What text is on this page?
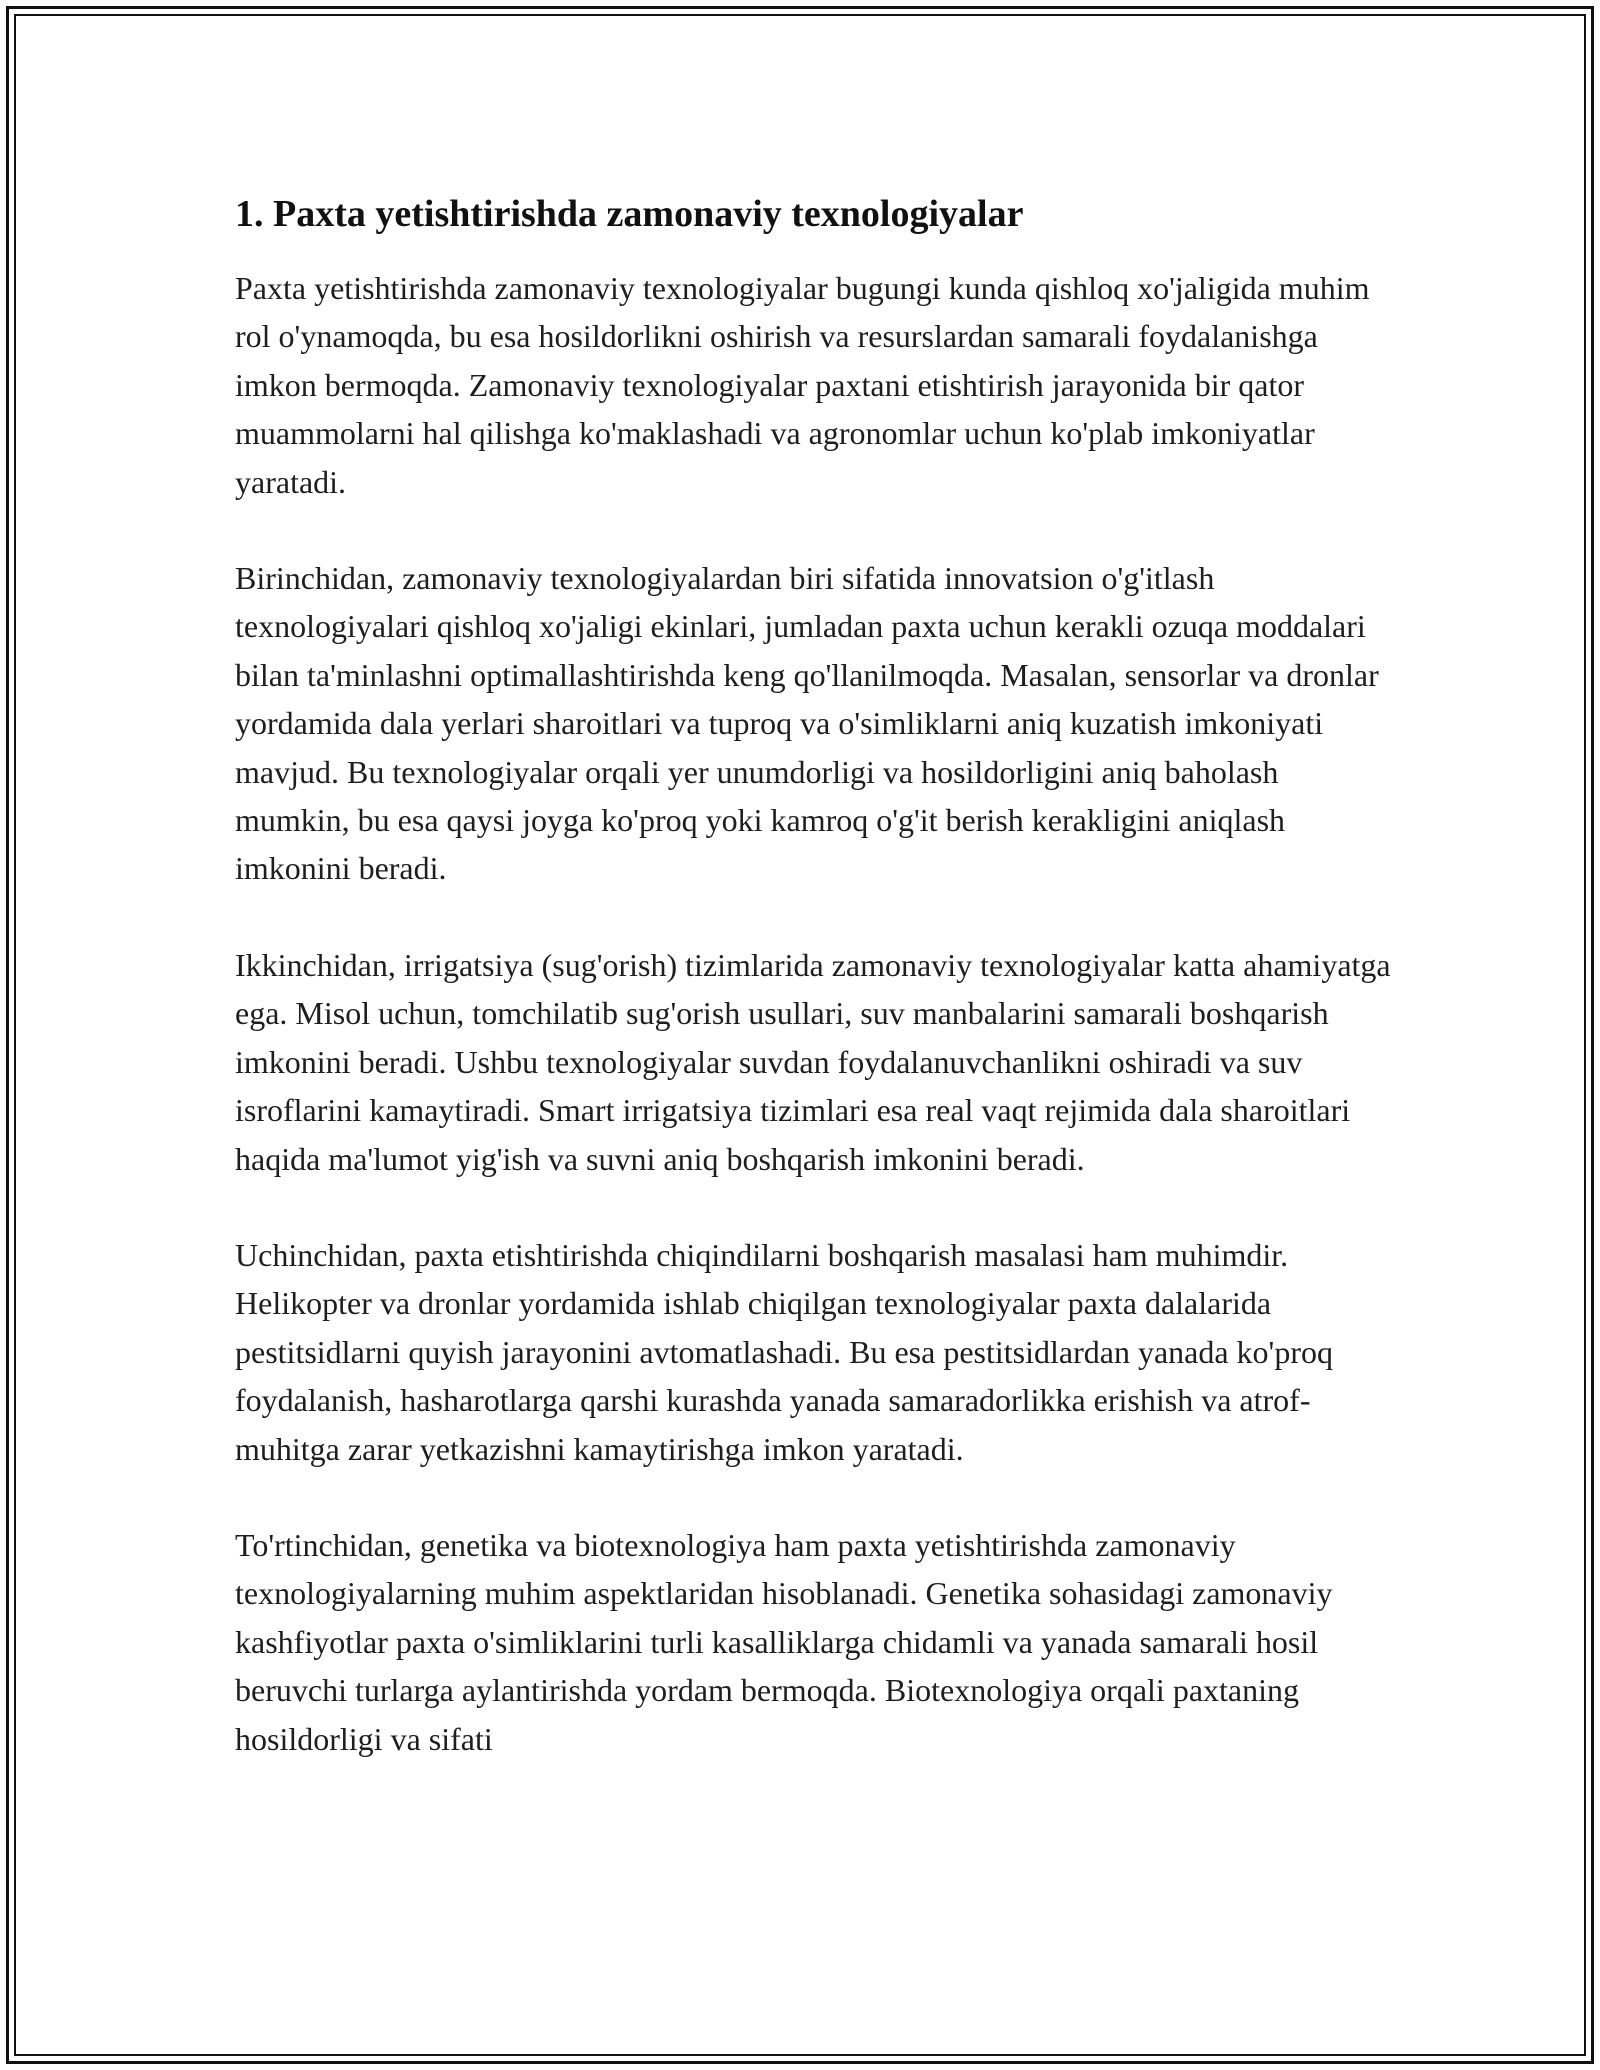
1. Paxta yetishtirishda zamonaviy texnologiyalar

Paxta yetishtirishda zamonaviy texnologiyalar bugungi kunda qishloq xo'jaligida muhim rol o'ynamoqda, bu esa hosildorlikni oshirish va resurslardan samarali foydalanishga imkon bermoqda. Zamonaviy texnologiyalar paxtani etishtirish jarayonida bir qator muammolarni hal qilishga ko'maklashadi va agronomlar uchun ko'plab imkoniyatlar yaratadi.

Birinchidan, zamonaviy texnologiyalardan biri sifatida innovatsion o'g'itlash texnologiyalari qishloq xo'jaligi ekinlari, jumladan paxta uchun kerakli ozuqa moddalari bilan ta'minlashni optimallashtirishda keng qo'llanilmoqda. Masalan, sensorlar va dronlar yordamida dala yerlari sharoitlari va tuproq va o'simliklarni aniq kuzatish imkoniyati mavjud. Bu texnologiyalar orqali yer unumdorligi va hosildorligini aniq baholash mumkin, bu esa qaysi joyga ko'proq yoki kamroq o'g'it berish kerakligini aniqlash imkonini beradi.

Ikkinchidan, irrigatsiya (sug'orish) tizimlarida zamonaviy texnologiyalar katta ahamiyatga ega. Misol uchun, tomchilatib sug'orish usullari, suv manbalarini samarali boshqarish imkonini beradi. Ushbu texnologiyalar suvdan foydalanuvchanlikni oshiradi va suv isroflarini kamaytiradi. Smart irrigatsiya tizimlari esa real vaqt rejimida dala sharoitlari haqida ma'lumot yig'ish va suvni aniq boshqarish imkonini beradi.

Uchinchidan, paxta etishtirishda chiqindilarni boshqarish masalasi ham muhimdir. Helikopter va dronlar yordamida ishlab chiqilgan texnologiyalar paxta dalalarida pestitsidlarni quyish jarayonini avtomatlashadi. Bu esa pestitsidlardan yanada ko'proq foydalanish, hasharotlarga qarshi kurashda yanada samaradorlikka erishish va atrof-muhitga zarar yetkazishni kamaytirishga imkon yaratadi.

To'rtinchidan, genetika va biotexnologiya ham paxta yetishtirishda zamonaviy texnologiyalarning muhim aspektlaridan hisoblanadi. Genetika sohasidagi zamonaviy kashfiyotlar paxta o'simliklarini turli kasalliklarga chidamli va yanada samarali hosil beruvchi turlarga aylantirishda yordam bermoqda. Biotexnologiya orqali paxtaning hosildorligi va sifati
